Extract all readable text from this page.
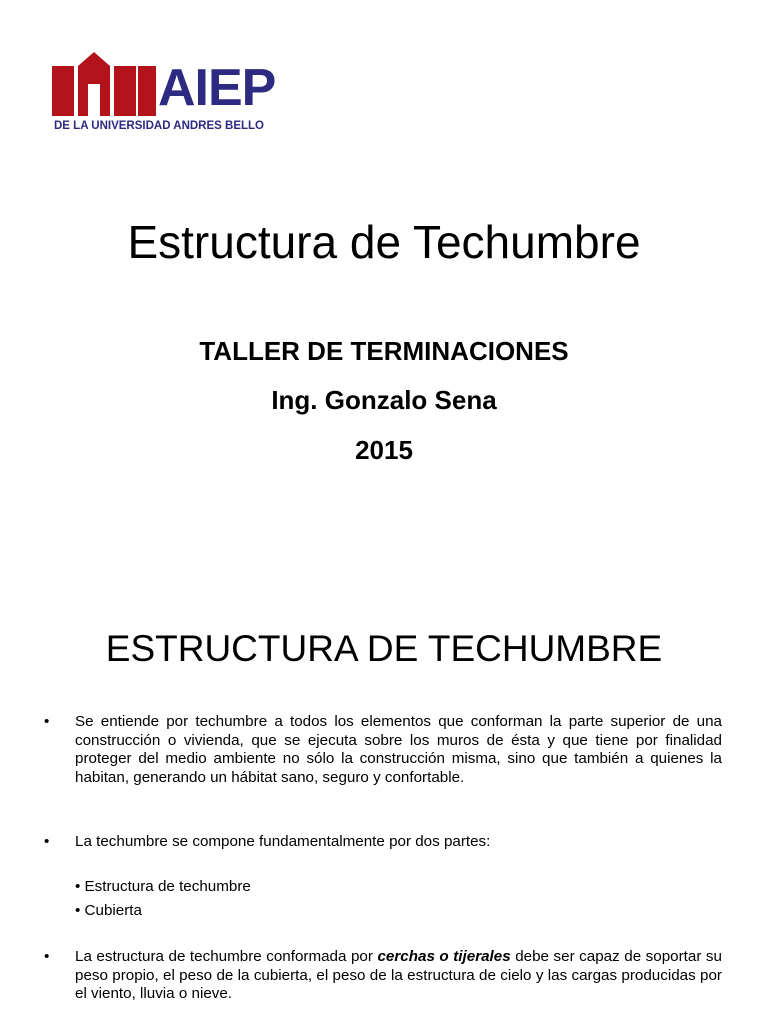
AIEP
DE LA UNIVERSIDAD ANDRES BELLO
Estructura de Techumbre
TALLER DE TERMINACIONES
Ing. Gonzalo Sena
2015
ESTRUCTURA DE TECHUMBRE
•	Se entiende por techumbre a todos los elementos que conforman la parte superior de una construcción o vivienda, que se ejecuta sobre los muros de ésta y que tiene por finalidad proteger del medio ambiente no sólo la construcción misma, sino que también a quienes la habitan, generando un hábitat sano, seguro y confortable.
•	La techumbre se compone fundamentalmente por dos partes:
• Estructura de techumbre
• Cubierta
•	La estructura de techumbre conformada por cerchas o tijerales debe ser capaz de soportar su peso propio, el peso de la cubierta, el peso de la estructura de cielo y las cargas producidas por el viento, lluvia o nieve.
